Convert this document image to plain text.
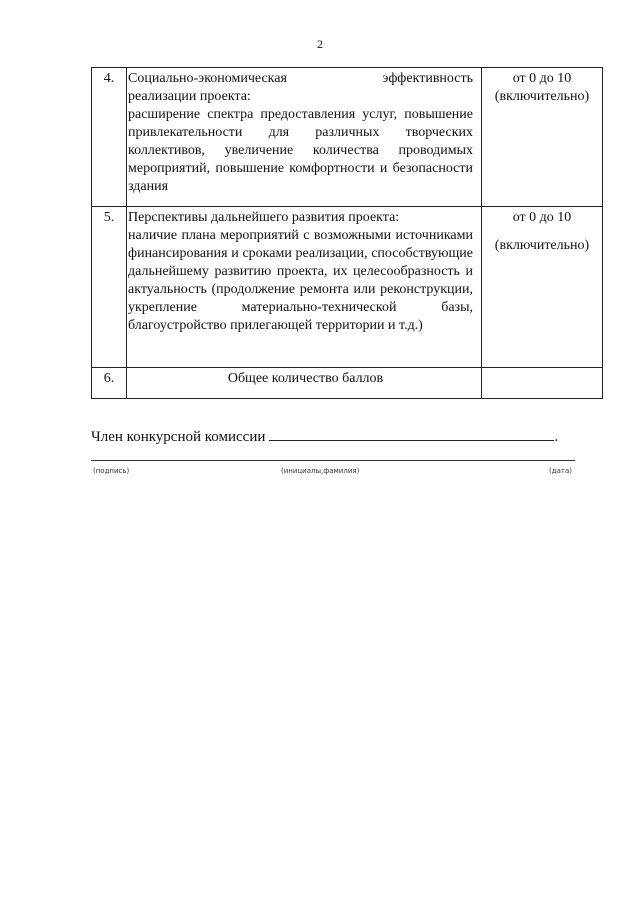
2
4.	Социально-экономическая эффективность
реализации проекта:
расширение спектра предоставления услуг, повышение привлекательности для различных творческих коллективов, увеличение количества проводимых мероприятий, повышение комфортности и безопасности здания	от 0 до 10
(включительно)

5.	Перспективы дальнейшего развития проекта:
наличие плана мероприятий с возможными источниками финансирования и сроками реализации, способствующие дальнейшему развитию проекта, их целесообразность и актуальность (продолжение ремонта или реконструкции, укрепление материально-технической базы, благоустройство прилегающей территории и т.д.)	от 0 до 10
(включительно)

6.	Общее количество баллов	

Член конкурсной комиссии	.
(подпись)	(инициалы,фамилия)	(дата)
